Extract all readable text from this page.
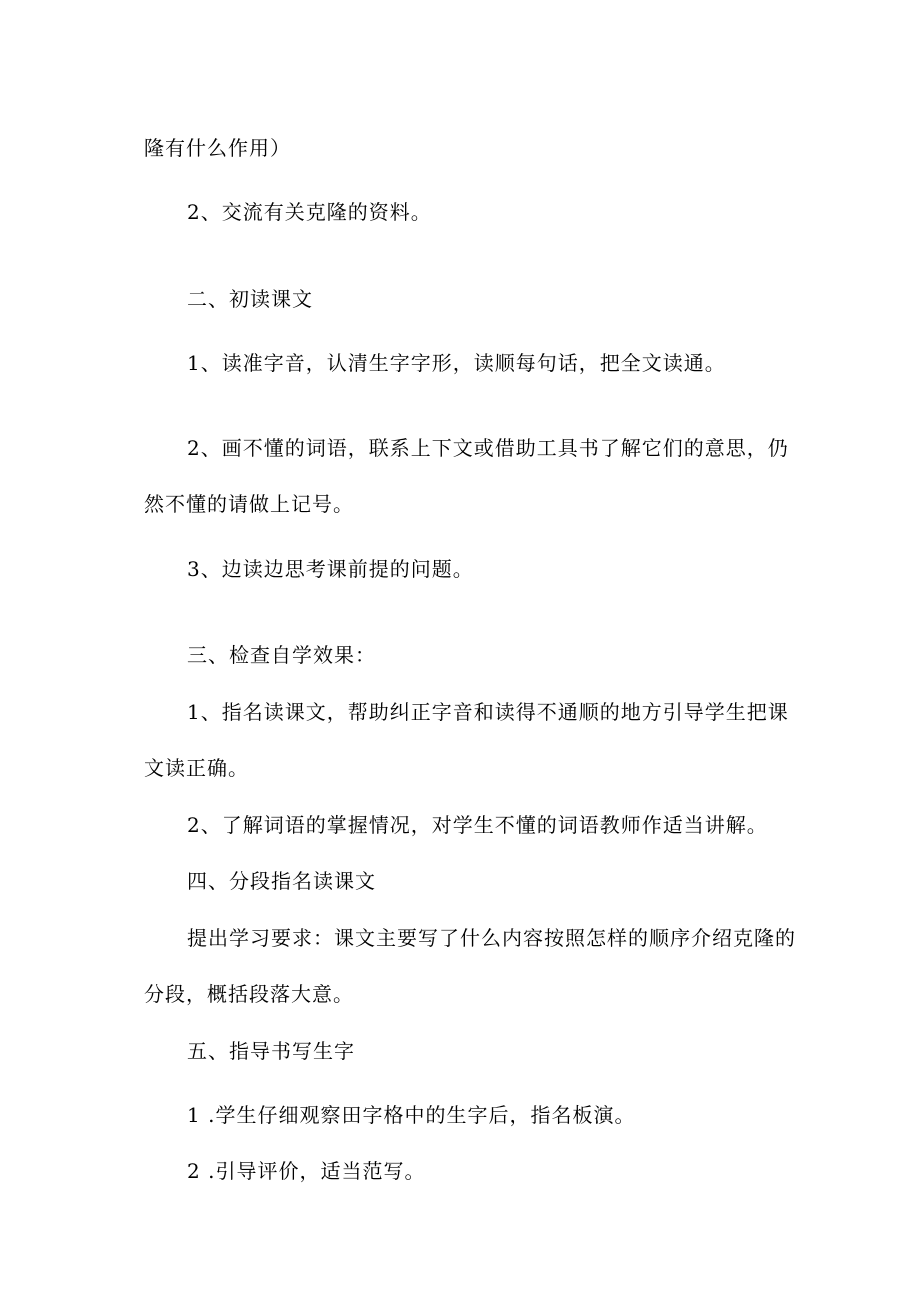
隆有什么作用）
2、交流有关克隆的资料。
二、初读课文
1、读准字音，认清生字字形，读顺每句话，把全文读通。
2、画不懂的词语，联系上下文或借助工具书了解它们的意思，仍
然不懂的请做上记号。
3、边读边思考课前提的问题。
三、检查自学效果：
1、指名读课文，帮助纠正字音和读得不通顺的地方引导学生把课
文读正确。
2、了解词语的掌握情况，对学生不懂的词语教师作适当讲解。
四、分段指名读课文
提出学习要求：课文主要写了什么内容按照怎样的顺序介绍克隆的
分段，概括段落大意。
五、指导书写生字
1 .学生仔细观察田字格中的生字后，指名板演。
2 .引导评价，适当范写。
